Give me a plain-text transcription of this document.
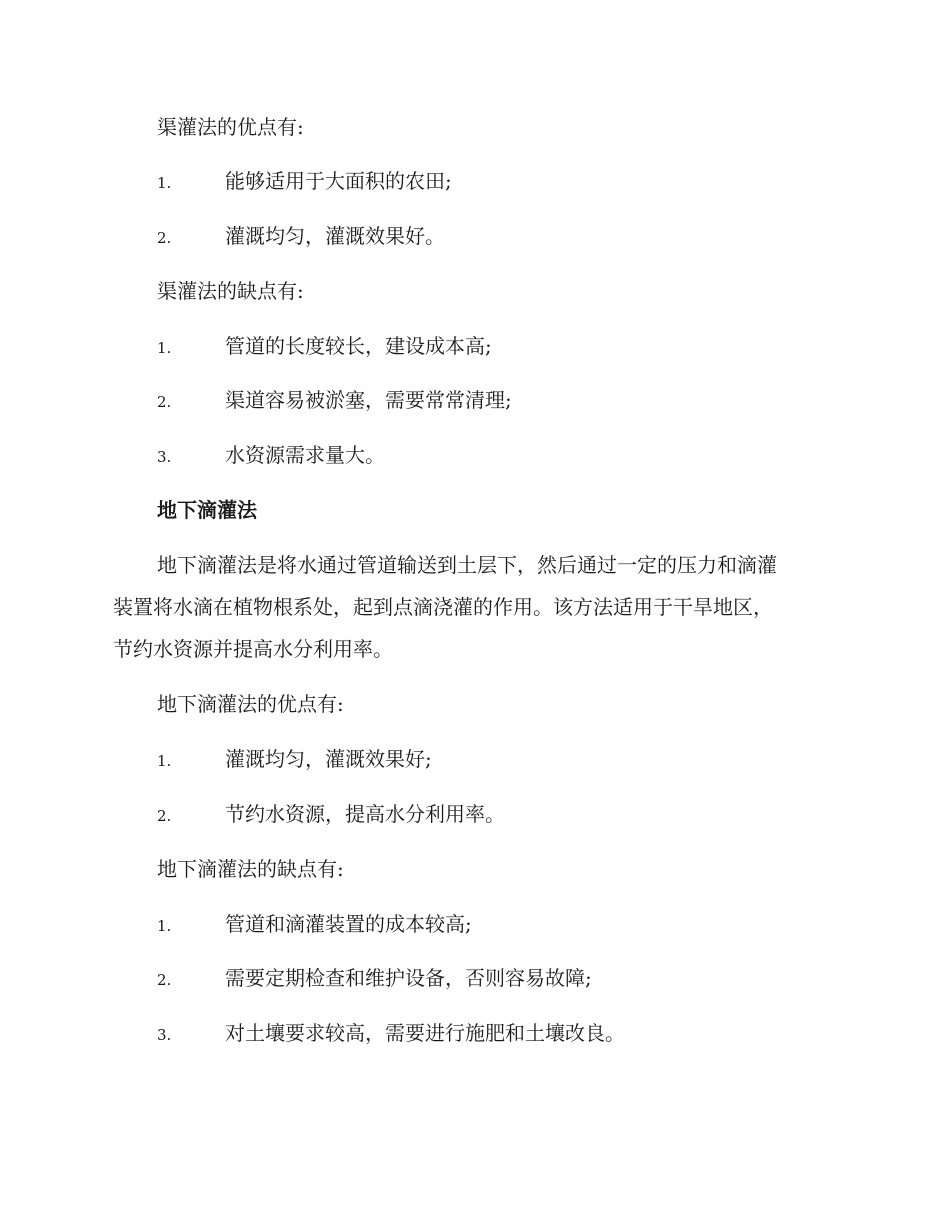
渠灌法的优点有:
1.	能够适用于大面积的农田;
2.	灌溉均匀，灌溉效果好。
渠灌法的缺点有:
1.	管道的长度较长，建设成本高;
2.	渠道容易被淤塞，需要常常清理;
3.	水资源需求量大。
地下滴灌法
地下滴灌法是将水通过管道输送到土层下，然后通过一定的压力和滴灌
装置将水滴在植物根系处，起到点滴浇灌的作用。该方法适用于干旱地区，
节约水资源并提高水分利用率。
地下滴灌法的优点有:
1.	灌溉均匀，灌溉效果好;
2.	节约水资源，提高水分利用率。
地下滴灌法的缺点有:
1.	管道和滴灌装置的成本较高;
2.	需要定期检查和维护设备，否则容易故障;
3.	对土壤要求较高，需要进行施肥和土壤改良。
